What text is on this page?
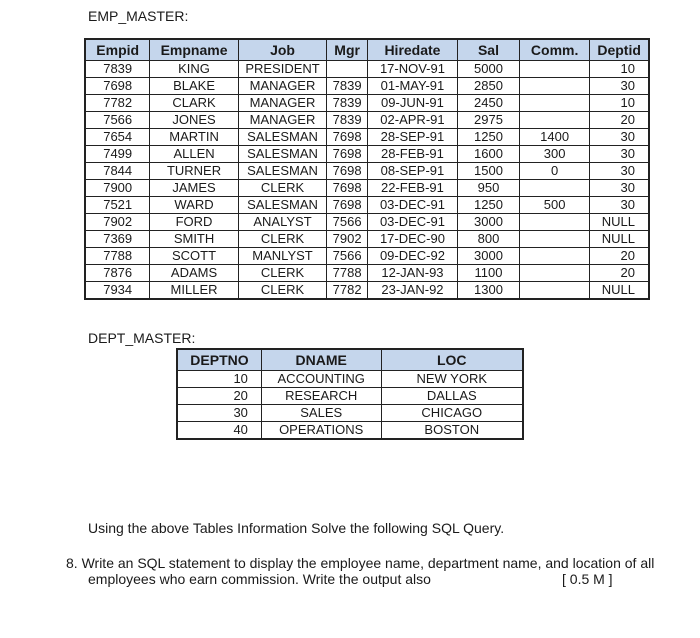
EMP_MASTER:
Empid	Empname	Job	Mgr	Hiredate	Sal	Comm.	Deptid
7839	KING	PRESIDENT		17-NOV-91	5000		10
7698	BLAKE	MANAGER	7839	01-MAY-91	2850		30
7782	CLARK	MANAGER	7839	09-JUN-91	2450		10
7566	JONES	MANAGER	7839	02-APR-91	2975		20
7654	MARTIN	SALESMAN	7698	28-SEP-91	1250	1400	30
7499	ALLEN	SALESMAN	7698	28-FEB-91	1600	300	30
7844	TURNER	SALESMAN	7698	08-SEP-91	1500	0	30
7900	JAMES	CLERK	7698	22-FEB-91	950		30
7521	WARD	SALESMAN	7698	03-DEC-91	1250	500	30
7902	FORD	ANALYST	7566	03-DEC-91	3000		NULL
7369	SMITH	CLERK	7902	17-DEC-90	800		NULL
7788	SCOTT	MANLYST	7566	09-DEC-92	3000		20
7876	ADAMS	CLERK	7788	12-JAN-93	1100		20
7934	MILLER	CLERK	7782	23-JAN-92	1300		NULL
DEPT_MASTER:
DEPTNO	DNAME	LOC
10	ACCOUNTING	NEW YORK
20	RESEARCH	DALLAS
30	SALES	CHICAGO
40	OPERATIONS	BOSTON
Using the above Tables Information Solve the following SQL Query.
8. Write an SQL statement to display the employee name, department name, and location of all
employees who earn commission. Write the output also	[ 0.5 M ]
